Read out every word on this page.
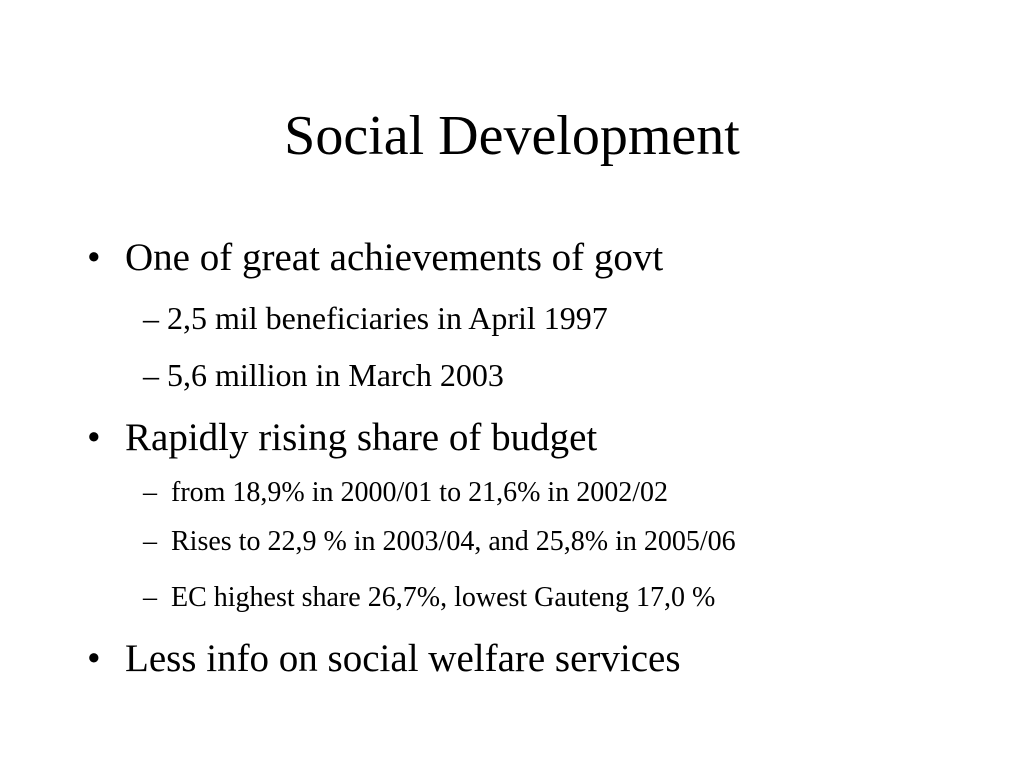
Social Development
• One of great achievements of govt
– 2,5 mil beneficiaries in April 1997
– 5,6 million in March 2003
• Rapidly rising share of budget
– from 18,9% in 2000/01 to 21,6% in 2002/02
– Rises to 22,9 % in 2003/04, and 25,8% in 2005/06
– EC highest share 26,7%, lowest Gauteng 17,0 %
• Less info on social welfare services
